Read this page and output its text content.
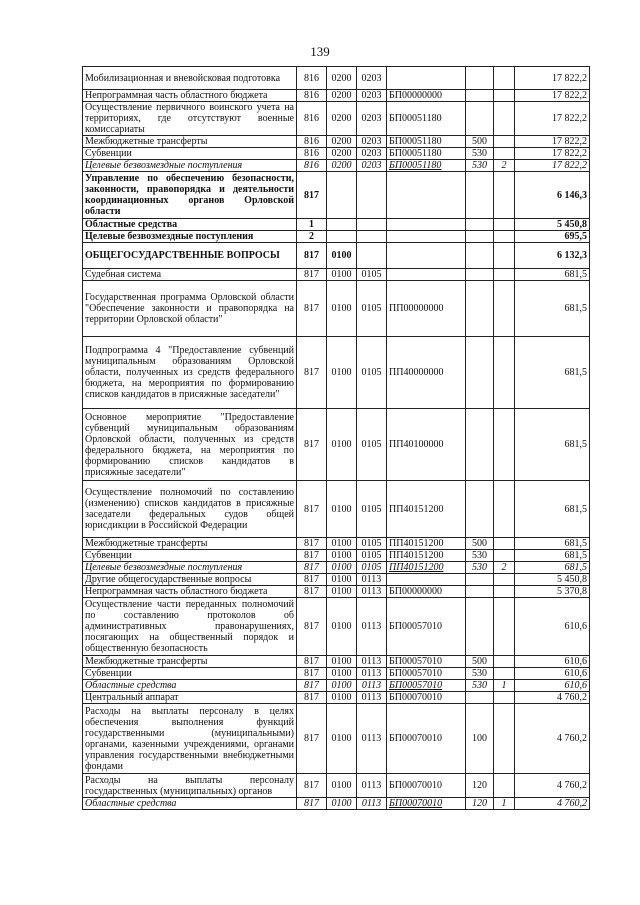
139
Мобилизационная и вневойсковая подготовка	816	0200	0203				17 822,2
Непрограммная часть областного бюджета	816	0200	0203	БП00000000			17 822,2
Осуществление первичного воинского учета на территориях, где отсутствуют военные комиссариаты	816	0200	0203	БП00051180			17 822,2
Межбюджетные трансферты	816	0200	0203	БП00051180	500		17 822,2
Субвенции	816	0200	0203	БП00051180	530		17 822,2
Целевые безвозмездные поступления	816	0200	0203	БП00051180	530	2	17 822,2
Управление по обеспечению безопасности, законности, правопорядка и деятельности координационных органов Орловской области	817						6 146,3
Областные средства	1						5 450,8
Целевые безвозмездные поступления	2						695,5
ОБЩЕГОСУДАРСТВЕННЫЕ ВОПРОСЫ	817	0100					6 132,3
Судебная система	817	0100	0105				681,5
Государственная программа Орловской области "Обеспечение законности и правопорядка на территории Орловской области"	817	0100	0105	ПП00000000			681,5
Подпрограмма 4 "Предоставление субвенций муниципальным образованиям Орловской области, полученных из средств федерального бюджета, на мероприятия по формированию списков кандидатов в присяжные заседатели"	817	0100	0105	ПП40000000			681,5
Основное мероприятие "Предоставление субвенций муниципальным образованиям Орловской области, полученных из средств федерального бюджета, на мероприятия по формированию списков кандидатов в присяжные заседатели"	817	0100	0105	ПП40100000			681,5
Осуществление полномочий по составлению (изменению) списков кандидатов в присяжные заседатели федеральных судов общей юрисдикции в Российской Федерации	817	0100	0105	ПП40151200			681,5
Межбюджетные трансферты	817	0100	0105	ПП40151200	500		681,5
Субвенции	817	0100	0105	ПП40151200	530		681,5
Целевые безвозмездные поступления	817	0100	0105	ПП40151200	530	2	681,5
Другие общегосударственные вопросы	817	0100	0113				5 450,8
Непрограммная часть областного бюджета	817	0100	0113	БП00000000			5 370,8
Осуществление части переданных полномочий по составлению протоколов об административных правонарушениях, посягающих на общественный порядок и общественную безопасность	817	0100	0113	БП00057010			610,6
Межбюджетные трансферты	817	0100	0113	БП00057010	500		610,6
Субвенции	817	0100	0113	БП00057010	530		610,6
Областные средства	817	0100	0113	БП00057010	530	1	610,6
Центральный аппарат	817	0100	0113	БП00070010			4 760,2
Расходы на выплаты персоналу в целях обеспечения выполнения функций государственными (муниципальными) органами, казенными учреждениями, органами управления государственными внебюджетными фондами	817	0100	0113	БП00070010	100		4 760,2
Расходы на выплаты персоналу государственных (муниципальных) органов	817	0100	0113	БП00070010	120		4 760,2
Областные средства	817	0100	0113	БП00070010	120	1	4 760,2
